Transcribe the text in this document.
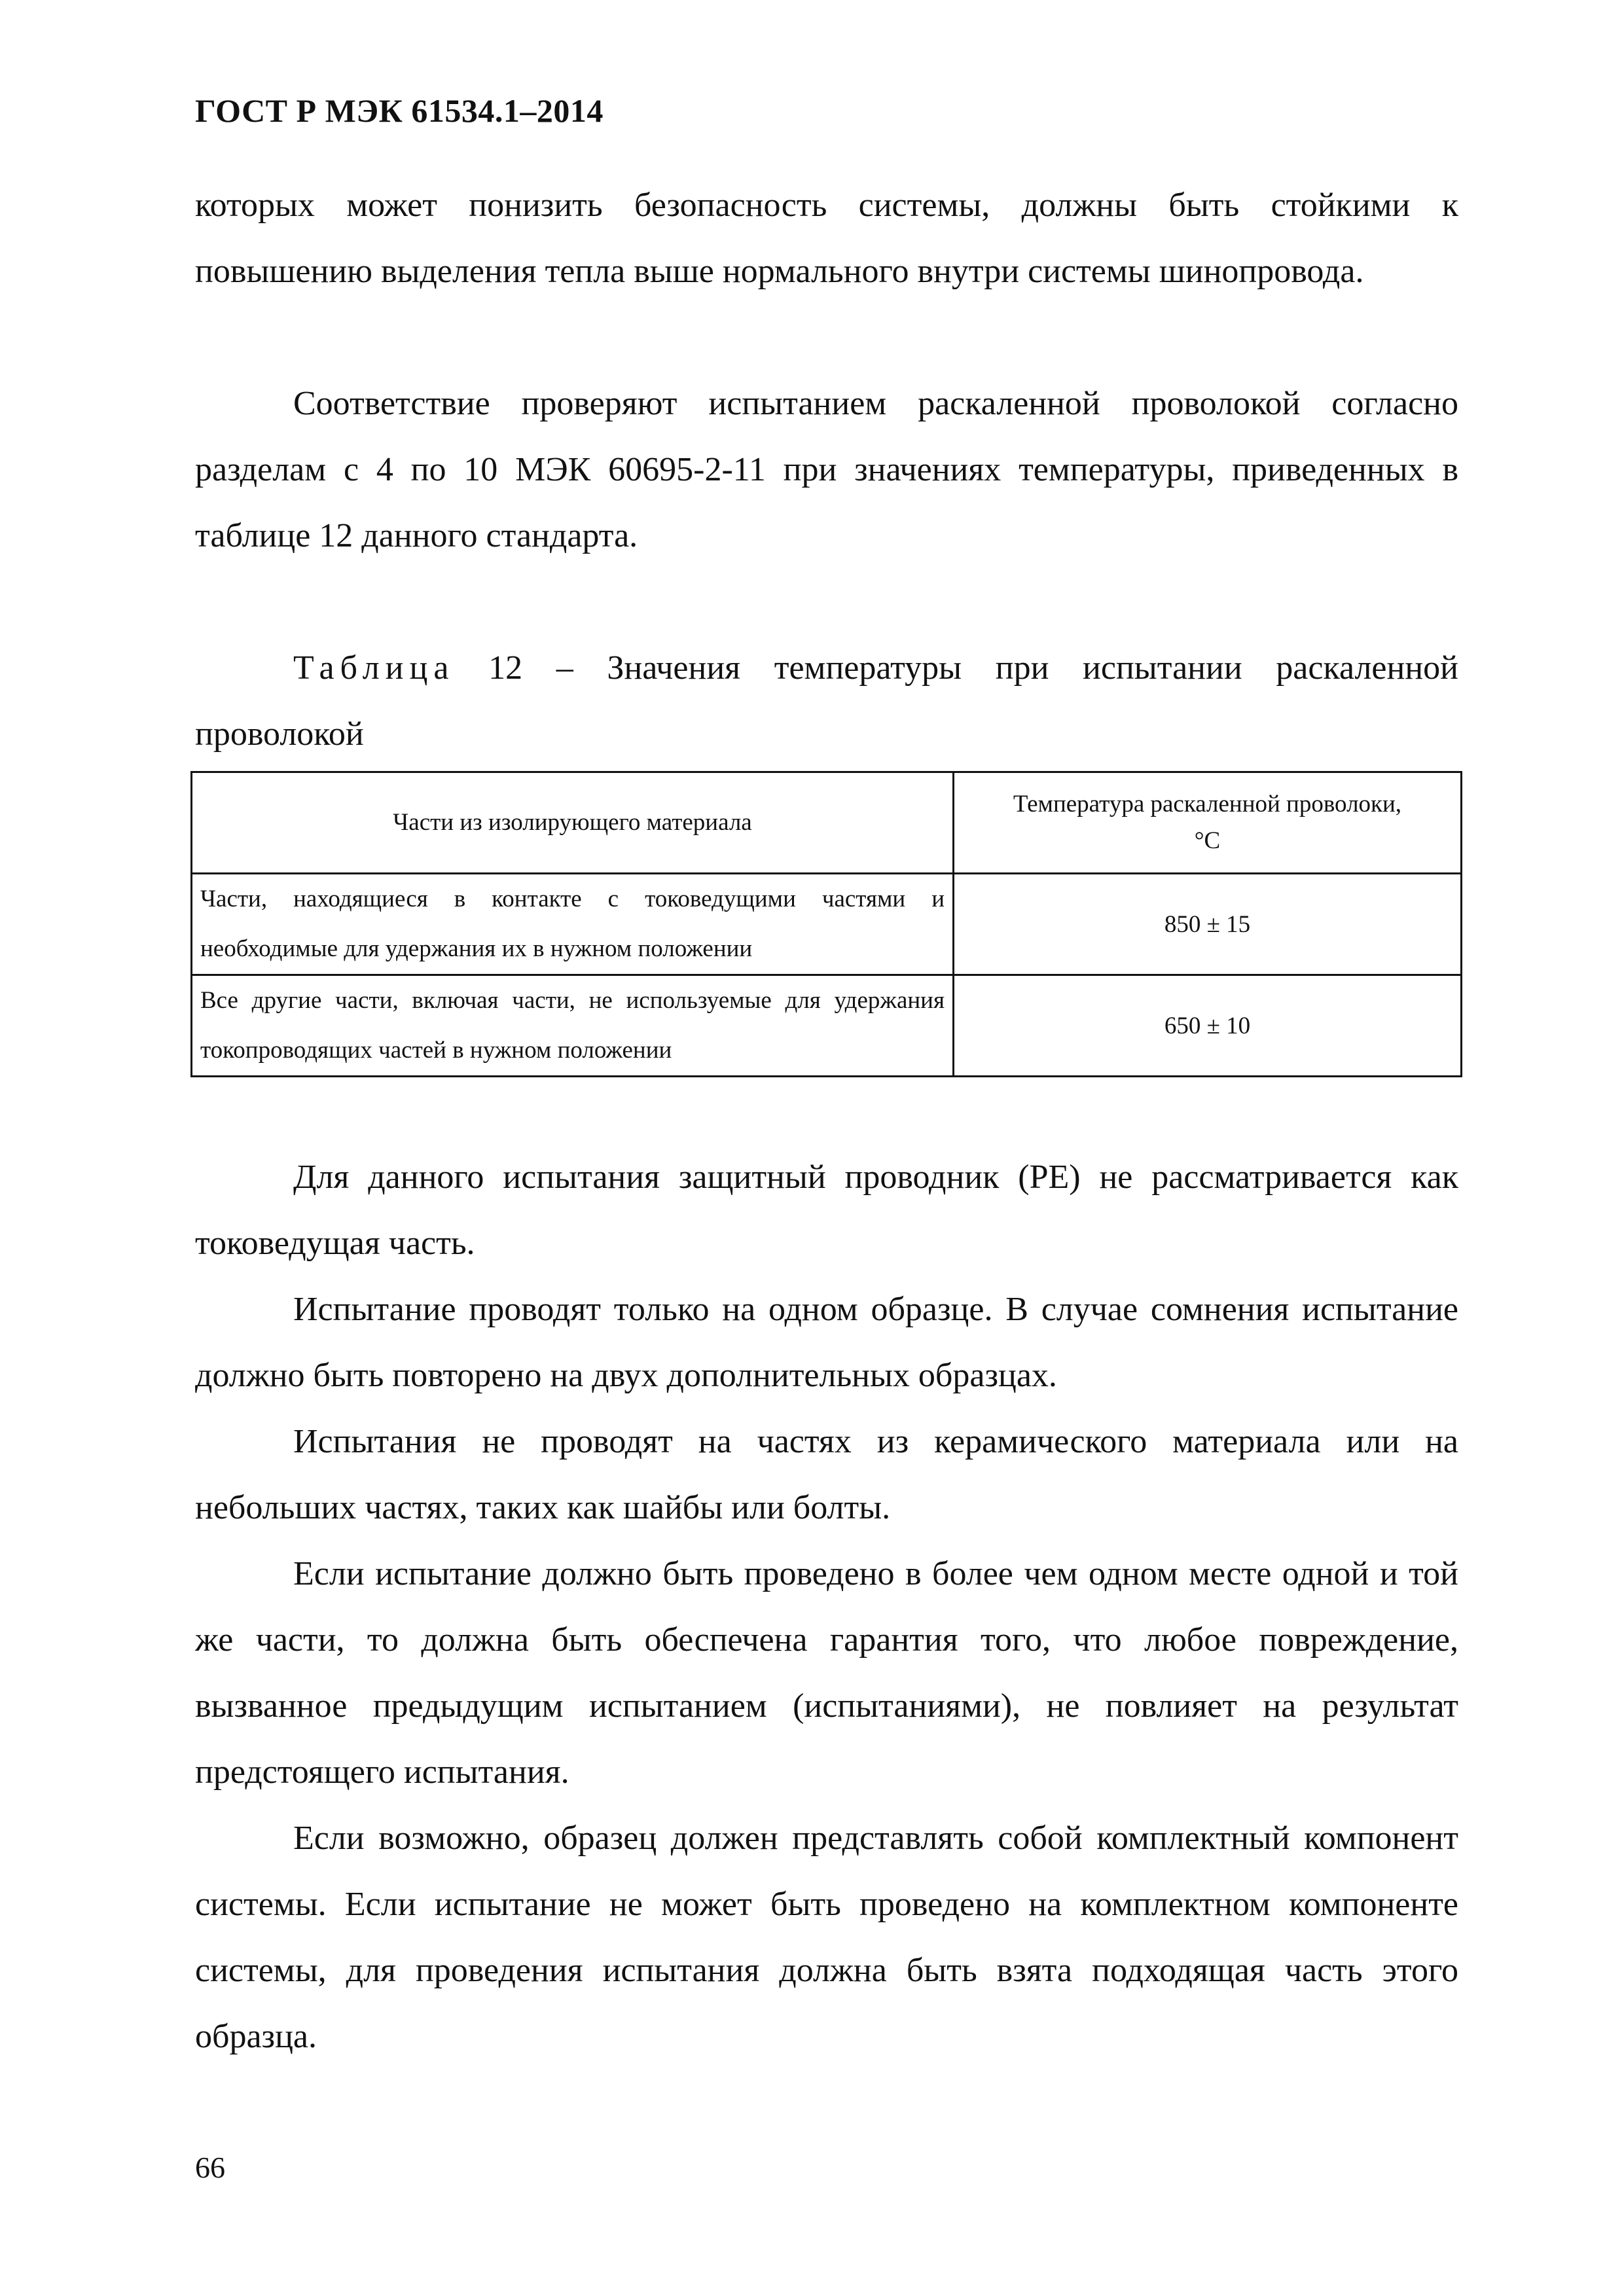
ГОСТ Р МЭК 61534.1–2014

которых может понизить безопасность системы, должны быть стойкими к повышению выделения тепла выше нормального внутри системы шинопровода.

Соответствие проверяют испытанием раскаленной проволокой согласно разделам с 4 по 10 МЭК 60695-2-11 при значениях температуры, приведенных в таблице 12 данного стандарта.

Таблица 12 – Значения температуры при испытании раскаленной проволокой

Части из изолирующего материала	Температура раскаленной проволоки,
°С

Части, находящиеся в контакте с токоведущими частями и необходимые для удержания их в нужном положении	850 ± 15
Все другие части, включая части, не используемые для удержания токопроводящих частей в нужном положении	650 ± 10

Для данного испытания защитный проводник (PE) не рассматривается как токоведущая часть.

Испытание проводят только на одном образце. В случае сомнения испытание должно быть повторено на двух дополнительных образцах.

Испытания не проводят на частях из керамического материала или на небольших частях, таких как шайбы или болты.

Если испытание должно быть проведено в более чем одном месте одной и той же части, то должна быть обеспечена гарантия того, что любое повреждение, вызванное предыдущим испытанием (испытаниями), не повлияет на результат предстоящего испытания.

Если возможно, образец должен представлять собой комплектный компонент системы. Если испытание не может быть проведено на комплектном компоненте системы, для проведения испытания должна быть взята подходящая часть этого образца.

66
